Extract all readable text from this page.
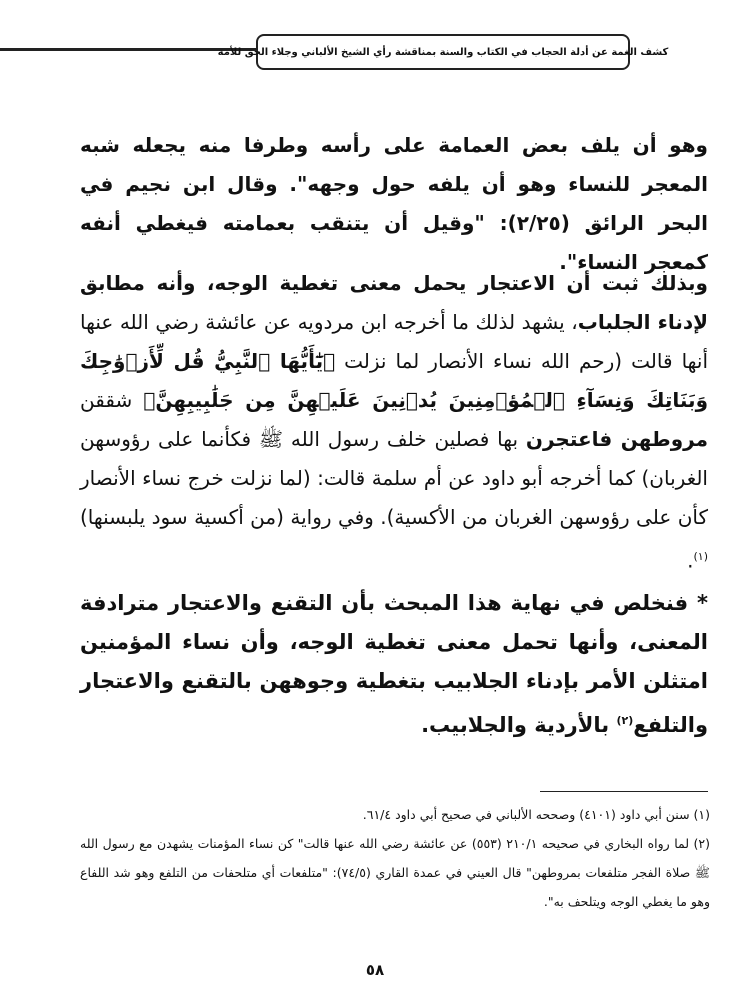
كشف الغمة عن أدلة الحجاب في الكتاب والسنة بمناقشة رأي الشيخ الألباني وجلاء الحق للأمة

وهو أن يلف بعض العمامة على رأسه وطرفا منه يجعله شبه المعجر للنساء وهو أن يلفه حول وجهه". وقال ابن نجيم في البحر الرائق (٢/٢٥): "وقيل أن يتنقب بعمامته فيغطي أنفه كمعجر النساء".

وبذلك ثبت أن الاعتجار يحمل معنى تغطية الوجه، وأنه مطابق لإدناء الجلباب، يشهد لذلك ما أخرجه ابن مردويه عن عائشة رضي الله عنها أنها قالت (رحم الله نساء الأنصار لما نزلت ﴿يَٰٓأَيُّهَا ٱلنَّبِيُّ قُل لِّأَزۡوَٰجِكَ وَبَنَاتِكَ وَنِسَآءِ ٱلۡمُؤۡمِنِينَ يُدۡنِينَ عَلَيۡهِنَّ مِن جَلَٰبِيبِهِنَّ﴾ شققن مروطهن فاعتجرن بها فصلين خلف رسول الله ﷺ فكأنما على رؤوسهن الغربان) كما أخرجه أبو داود عن أم سلمة قالت: (لما نزلت خرج نساء الأنصار كأن على رؤوسهن الغربان من الأكسية). وفي رواية (من أكسية سود يلبسنها)$^{(١)}$.

* فنخلص في نهاية هذا المبحث بأن التقنع والاعتجار مترادفة المعنى، وأنها تحمل معنى تغطية الوجه، وأن نساء المؤمنين امتثلن الأمر بإدناء الجلابيب بتغطية وجوههن بالتقنع والاعتجار والتلفع$^{(٢)}$ بالأردية والجلابيب.

(١) سنن أبي داود (٤١٠١) وصححه الألباني في صحيح أبي داود ٦١/٤.

(٢) لما رواه البخاري في صحيحه ٢١٠/١ (٥٥٣) عن عائشة رضي الله عنها قالت" كن نساء المؤمنات يشهدن مع رسول الله ﷺ صلاة الفجر متلفعات بمروطهن" قال العيني في عمدة القاري (٧٤/٥): "متلفعات أي متلحفات من التلفع وهو شد اللفاع وهو ما يغطي الوجه ويتلحف به".

٥٨
